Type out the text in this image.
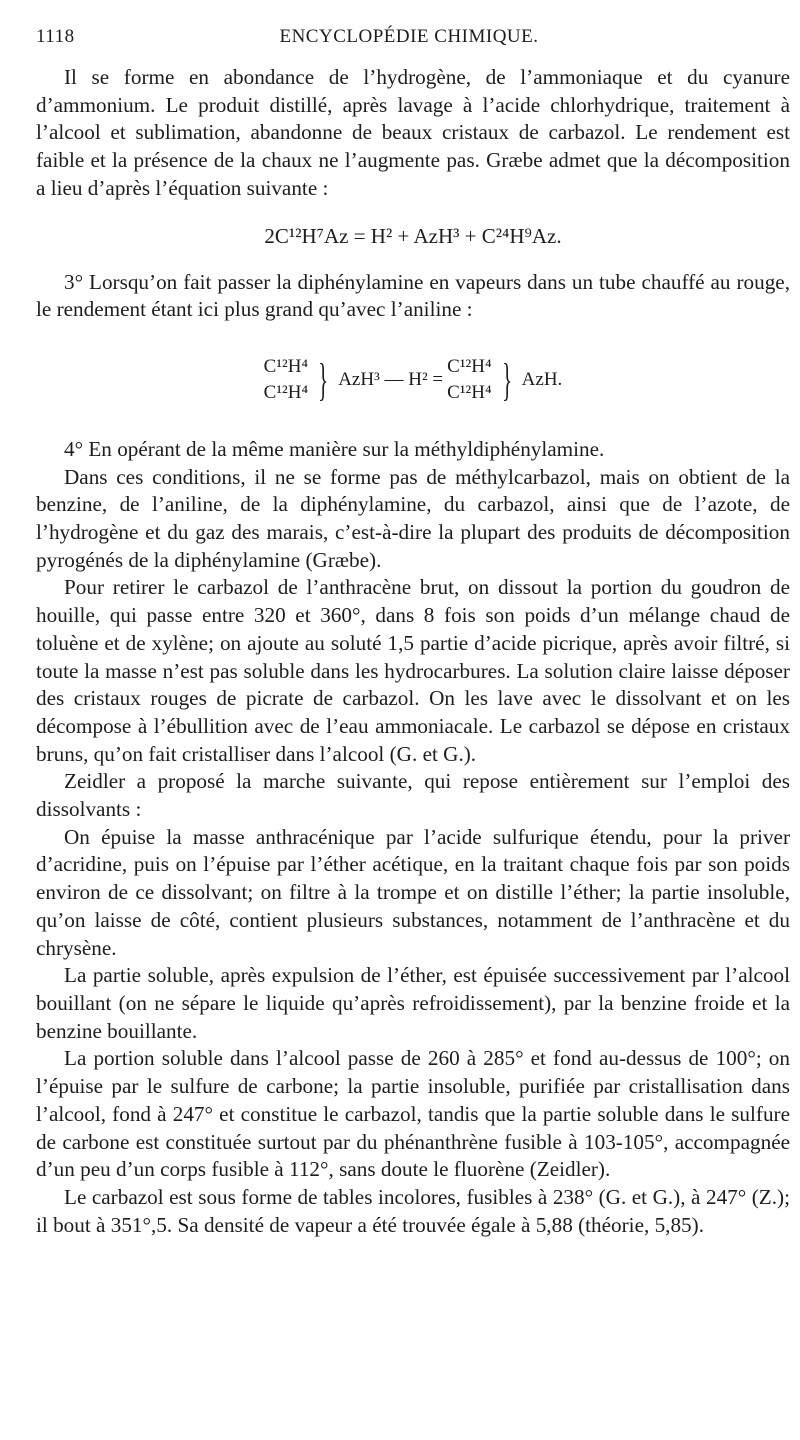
1118	ENCYCLOPÉDIE CHIMIQUE.

Il se forme en abondance de l’hydrogène, de l’ammoniaque et du cyanure d’ammonium. Le produit distillé, après lavage à l’acide chlorhydrique, traitement à l’alcool et sublimation, abandonne de beaux cristaux de carbazol. Le rendement est faible et la présence de la chaux ne l’augmente pas. Græbe admet que la décomposition a lieu d’après l’équation suivante :

2C¹²H⁷Az = H² + AzH³ + C²⁴H⁹Az.

3° Lorsqu’on fait passer la diphénylamine en vapeurs dans un tube chauffé au rouge, le rendement étant ici plus grand qu’avec l’aniline :

C¹²H⁴
C¹²H⁴ } AzH³ — H² =
C¹²H⁴
C¹²H⁴ } AzH.

4° En opérant de la même manière sur la méthyldiphénylamine.

Dans ces conditions, il ne se forme pas de méthylcarbazol, mais on obtient de la benzine, de l’aniline, de la diphénylamine, du carbazol, ainsi que de l’azote, de l’hydrogène et du gaz des marais, c’est-à-dire la plupart des produits de décomposition pyrogénés de la diphénylamine (Græbe).

Pour retirer le carbazol de l’anthracène brut, on dissout la portion du goudron de houille, qui passe entre 320 et 360°, dans 8 fois son poids d’un mélange chaud de toluène et de xylène; on ajoute au soluté 1,5 partie d’acide picrique, après avoir filtré, si toute la masse n’est pas soluble dans les hydrocarbures. La solution claire laisse déposer des cristaux rouges de picrate de carbazol. On les lave avec le dissolvant et on les décompose à l’ébullition avec de l’eau ammoniacale. Le carbazol se dépose en cristaux bruns, qu’on fait cristalliser dans l’alcool (G. et G.).

Zeidler a proposé la marche suivante, qui repose entièrement sur l’emploi des dissolvants :

On épuise la masse anthracénique par l’acide sulfurique étendu, pour la priver d’acridine, puis on l’épuise par l’éther acétique, en la traitant chaque fois par son poids environ de ce dissolvant; on filtre à la trompe et on distille l’éther; la partie insoluble, qu’on laisse de côté, contient plusieurs substances, notamment de l’anthracène et du chrysène.

La partie soluble, après expulsion de l’éther, est épuisée successivement par l’alcool bouillant (on ne sépare le liquide qu’après refroidissement), par la benzine froide et la benzine bouillante.

La portion soluble dans l’alcool passe de 260 à 285° et fond au-dessus de 100°; on l’épuise par le sulfure de carbone; la partie insoluble, purifiée par cristallisation dans l’alcool, fond à 247° et constitue le carbazol, tandis que la partie soluble dans le sulfure de carbone est constituée surtout par du phénanthrène fusible à 103-105°, accompagnée d’un peu d’un corps fusible à 112°, sans doute le fluorène (Zeidler).

Le carbazol est sous forme de tables incolores, fusibles à 238° (G. et G.), à 247° (Z.); il bout à 351°,5. Sa densité de vapeur a été trouvée égale à 5,88 (théorie, 5,85).
